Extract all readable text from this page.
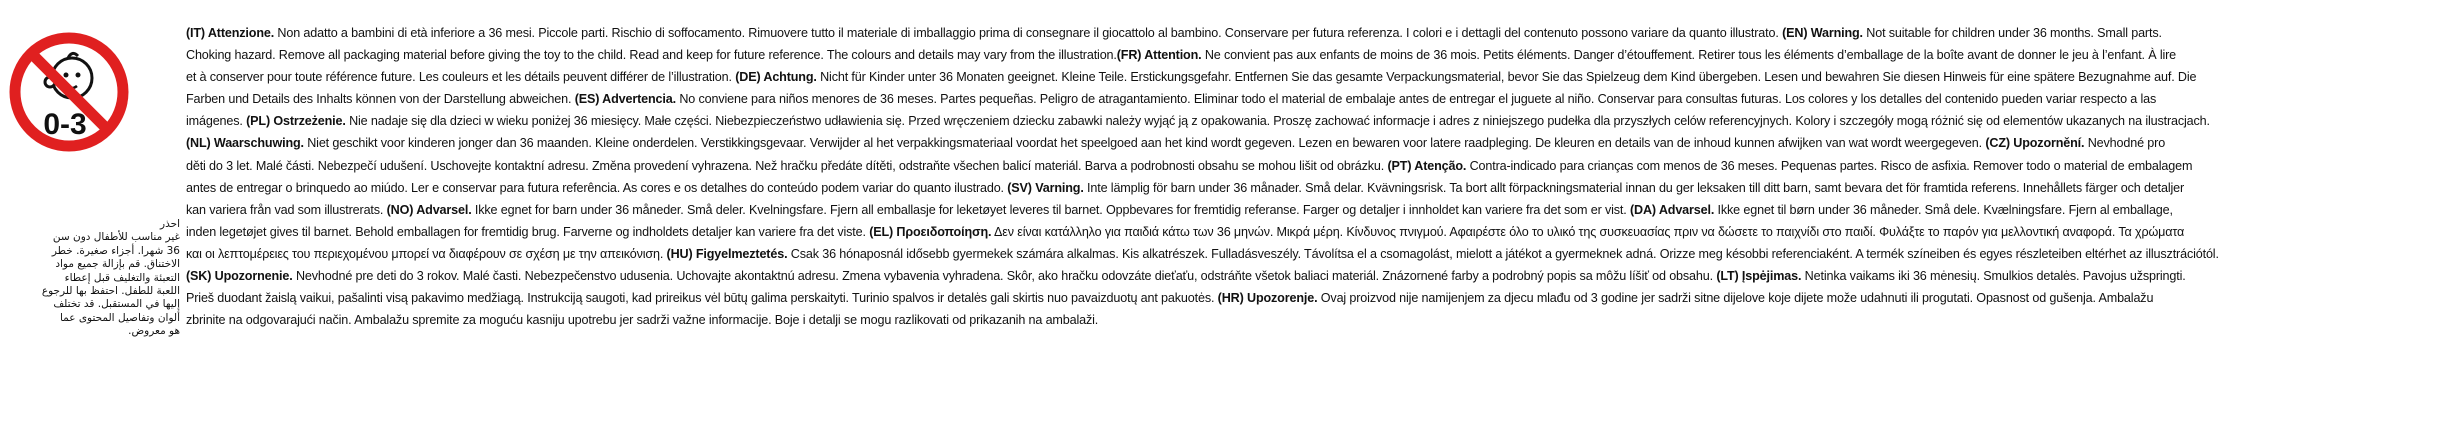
0-3
احذر
غير مناسب للأطفال دون سن
36 شهرا. أجزاء صغيرة. خطر
الاختناق. قم بإزالة جميع مواد
التعبئة والتغليف قبل إعطاء
اللعبة للطفل. احتفظ بها للرجوع
إليها في المستقبل. قد تختلف
ألوان وتفاصيل المحتوى عما
هو معروض.
(IT) Attenzione. Non adatto a bambini di età inferiore a 36 mesi. Piccole parti. Rischio di soffocamento. Rimuovere tutto il materiale di imballaggio prima di consegnare il giocattolo al bambino. Conservare per futura referenza. I colori e i dettagli del contenuto possono variare da quanto illustrato. (EN) Warning. Not suitable for children under 36 months. Small parts.
Choking hazard. Remove all packaging material before giving the toy to the child. Read and keep for future reference. The colours and details may vary from the illustration.(FR) Attention. Ne convient pas aux enfants de moins de 36 mois. Petits éléments. Danger d’étouffement. Retirer tous les éléments d’emballage de la boîte avant de donner le jeu à l’enfant. À lire
et à conserver pour toute référence future. Les couleurs et les détails peuvent différer de l’illustration. (DE) Achtung. Nicht für Kinder unter 36 Monaten geeignet. Kleine Teile. Erstickungsgefahr. Entfernen Sie das gesamte Verpackungsmaterial, bevor Sie das Spielzeug dem Kind übergeben. Lesen und bewahren Sie diesen Hinweis für eine spätere Bezugnahme auf. Die
Farben und Details des Inhalts können von der Darstellung abweichen. (ES) Advertencia. No conviene para niños menores de 36 meses. Partes pequeñas. Peligro de atragantamiento. Eliminar todo el material de embalaje antes de entregar el juguete al niño. Conservar para consultas futuras. Los colores y los detalles del contenido pueden variar respecto a las
imágenes. (PL) Ostrzeżenie. Nie nadaje się dla dzieci w wieku poniżej 36 miesięcy. Małe części. Niebezpieczeństwo udławienia się. Przed wręczeniem dziecku zabawki należy wyjąć ją z opakowania. Proszę zachować informacje i adres z niniejszego pudełka dla przyszłych celów referencyjnych. Kolory i szczegóły mogą różnić się od elementów ukazanych na ilustracjach.
(NL) Waarschuwing. Niet geschikt voor kinderen jonger dan 36 maanden. Kleine onderdelen. Verstikkingsgevaar. Verwijder al het verpakkingsmateriaal voordat het speelgoed aan het kind wordt gegeven. Lezen en bewaren voor latere raadpleging. De kleuren en details van de inhoud kunnen afwijken van wat wordt weergegeven. (CZ) Upozornění. Nevhodné pro
děti do 3 let. Malé části. Nebezpečí udušení. Uschovejte kontaktní adresu. Změna provedení vyhrazena. Než hračku předáte dítěti, odstraňte všechen balicí materiál. Barva a podrobnosti obsahu se mohou lišit od obrázku. (PT) Atenção. Contra-indicado para crianças com menos de 36 meses. Pequenas partes. Risco de asfixia. Remover todo o material de embalagem
antes de entregar o brinquedo ao miúdo. Ler e conservar para futura referência. As cores e os detalhes do conteúdo podem variar do quanto ilustrado. (SV) Varning. Inte lämplig för barn under 36 månader. Små delar. Kvävningsrisk. Ta bort allt förpackningsmaterial innan du ger leksaken till ditt barn, samt bevara det för framtida referens. Innehållets färger och detaljer
kan variera från vad som illustrerats. (NO) Advarsel. Ikke egnet for barn under 36 måneder. Små deler. Kvelningsfare. Fjern all emballasje for leketøyet leveres til barnet. Oppbevares for fremtidig referanse. Farger og detaljer i innholdet kan variere fra det som er vist. (DA) Advarsel. Ikke egnet til børn under 36 måneder. Små dele. Kvælningsfare. Fjern al emballage,
inden legetøjet gives til barnet. Behold emballagen for fremtidig brug. Farverne og indholdets detaljer kan variere fra det viste. (EL) Προειδοποίηση. Δεν είναι κατάλληλο για παιδιά κάτω των 36 μηνών. Μικρά μέρη. Κίνδυνος πνιγμού. Αφαιρέστε όλο το υλικό της συσκευασίας πριν να δώσετε το παιχνίδι στο παιδί. Φυλάξτε το παρόν για μελλοντική αναφορά. Τα χρώματα
και οι λεπτομέρειες του περιεχομένου μπορεί να διαφέρουν σε σχέση με την απεικόνιση. (HU) Figyelmeztetés. Csak 36 hónaposnál idősebb gyermekek számára alkalmas. Kis alkatrészek. Fulladásveszély. Távolítsa el a csomagolást, mielott a játékot a gyermeknek adná. Orizze meg késobbi referenciaként. A termék színeiben és egyes részleteiben eltérhet az illusztrációtól.
(SK) Upozornenie. Nevhodné pre deti do 3 rokov. Malé časti. Nebezpečenstvo udusenia. Uchovajte akontaktnú adresu. Zmena vybavenia vyhradena. Skôr, ako hračku odovzáte dieťaťu, odstráňte všetok baliaci materiál. Znázornené farby a podrobný popis sa môžu líšiť od obsahu. (LT) Įspėjimas. Netinka vaikams iki 36 mėnesių. Smulkios detalės. Pavojus užspringti.
Prieš duodant žaislą vaikui, pašalinti visą pakavimo medžiagą. Instrukciją saugoti, kad prireikus vėl būtų galima perskaityti. Turinio spalvos ir detalės gali skirtis nuo pavaizduotų ant pakuotės. (HR) Upozorenje. Ovaj proizvod nije namijenjem za djecu mlađu od 3 godine jer sadrži sitne dijelove koje dijete može udahnuti ili progutati. Opasnost od gušenja. Ambalažu
zbrinite na odgovarajući način. Ambalažu spremite za moguću kasniju upotrebu jer sadrži važne informacije. Boje i detalji se mogu razlikovati od prikazanih na ambalaži.
